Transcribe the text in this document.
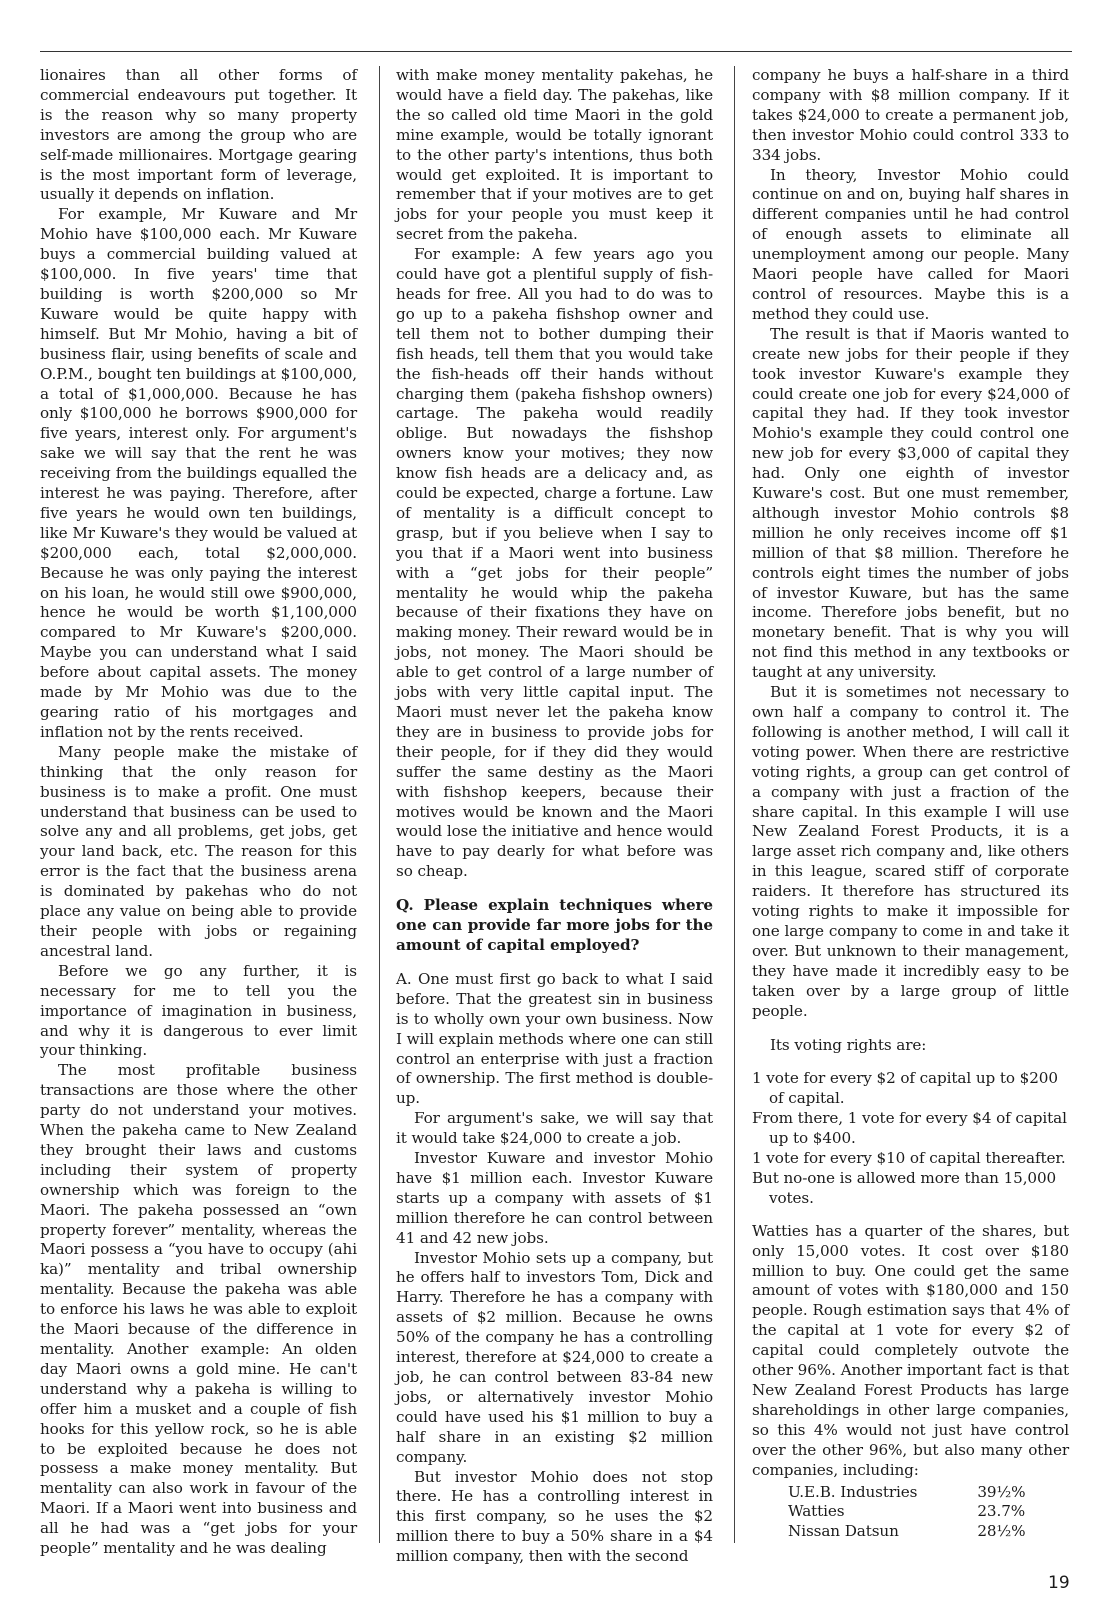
lionaires than all other forms of commercial endeavours put together. It is the reason why so many property investors are among the group who are self-made millionaires. Mortgage gearing is the most important form of leverage, usually it depends on inflation.

For example, Mr Kuware and Mr Mohio have $100,000 each. Mr Kuware buys a commercial building valued at $100,000. In five years' time that building is worth $200,000 so Mr Kuware would be quite happy with himself. But Mr Mohio, having a bit of business flair, using benefits of scale and O.P.M., bought ten buildings at $100,000, a total of $1,000,000. Because he has only $100,000 he borrows $900,000 for five years, interest only. For argument's sake we will say that the rent he was receiving from the buildings equalled the interest he was paying. Therefore, after five years he would own ten buildings, like Mr Kuware's they would be valued at $200,000 each, total $2,000,000. Because he was only paying the interest on his loan, he would still owe $900,000, hence he would be worth $1,100,000 compared to Mr Kuware's $200,000. Maybe you can understand what I said before about capital assets. The money made by Mr Mohio was due to the gearing ratio of his mortgages and inflation not by the rents received.

Many people make the mistake of thinking that the only reason for business is to make a profit. One must understand that business can be used to solve any and all problems, get jobs, get your land back, etc. The reason for this error is the fact that the business arena is dominated by pakehas who do not place any value on being able to provide their people with jobs or regaining ancestral land.

Before we go any further, it is necessary for me to tell you the importance of imagination in business, and why it is dangerous to ever limit your thinking.

The most profitable business transactions are those where the other party do not understand your motives. When the pakeha came to New Zealand they brought their laws and customs including their system of property ownership which was foreign to the Maori. The pakeha possessed an “own property forever” mentality, whereas the Maori possess a “you have to occupy (ahi ka)” mentality and tribal ownership mentality. Because the pakeha was able to enforce his laws he was able to exploit the Maori because of the difference in mentality. Another example: An olden day Maori owns a gold mine. He can't understand why a pakeha is willing to offer him a musket and a couple of fish hooks for this yellow rock, so he is able to be exploited because he does not possess a make money mentality. But mentality can also work in favour of the Maori. If a Maori went into business and all he had was a “get jobs for your people” mentality and he was dealing

with make money mentality pakehas, he would have a field day. The pakehas, like the so called old time Maori in the gold mine example, would be totally ignorant to the other party's intentions, thus both would get exploited. It is important to remember that if your motives are to get jobs for your people you must keep it secret from the pakeha.

For example: A few years ago you could have got a plentiful supply of fish-heads for free. All you had to do was to go up to a pakeha fishshop owner and tell them not to bother dumping their fish heads, tell them that you would take the fish-heads off their hands without charging them (pakeha fishshop owners) cartage. The pakeha would readily oblige. But nowadays the fishshop owners know your motives; they now know fish heads are a delicacy and, as could be expected, charge a fortune. Law of mentality is a difficult concept to grasp, but if you believe when I say to you that if a Maori went into business with a “get jobs for their people” mentality he would whip the pakeha because of their fixations they have on making money. Their reward would be in jobs, not money. The Maori should be able to get control of a large number of jobs with very little capital input. The Maori must never let the pakeha know they are in business to provide jobs for their people, for if they did they would suffer the same destiny as the Maori with fishshop keepers, because their motives would be known and the Maori would lose the initiative and hence would have to pay dearly for what before was so cheap.

Q. Please explain techniques where one can provide far more jobs for the amount of capital employed?

A. One must first go back to what I said before. That the greatest sin in business is to wholly own your own business. Now I will explain methods where one can still control an enterprise with just a fraction of ownership. The first method is double-up.

For argument's sake, we will say that it would take $24,000 to create a job.

Investor Kuware and investor Mohio have $1 million each. Investor Kuware starts up a company with assets of $1 million therefore he can control between 41 and 42 new jobs.

Investor Mohio sets up a company, but he offers half to investors Tom, Dick and Harry. Therefore he has a company with assets of $2 million. Because he owns 50% of the company he has a controlling interest, therefore at $24,000 to create a job, he can control between 83-84 new jobs, or alternatively investor Mohio could have used his $1 million to buy a half share in an existing $2 million company.

But investor Mohio does not stop there. He has a controlling interest in this first company, so he uses the $2 million there to buy a 50% share in a $4 million company, then with the second

company he buys a half-share in a third company with $8 million company. If it takes $24,000 to create a permanent job, then investor Mohio could control 333 to 334 jobs.

In theory, Investor Mohio could continue on and on, buying half shares in different companies until he had control of enough assets to eliminate all unemployment among our people. Many Maori people have called for Maori control of resources. Maybe this is a method they could use.

The result is that if Maoris wanted to create new jobs for their people if they took investor Kuware's example they could create one job for every $24,000 of capital they had. If they took investor Mohio's example they could control one new job for every $3,000 of capital they had. Only one eighth of investor Kuware's cost. But one must remember, although investor Mohio controls $8 million he only receives income off $1 million of that $8 million. Therefore he controls eight times the number of jobs of investor Kuware, but has the same income. Therefore jobs benefit, but no monetary benefit. That is why you will not find this method in any textbooks or taught at any university.

But it is sometimes not necessary to own half a company to control it. The following is another method, I will call it voting power. When there are restrictive voting rights, a group can get control of a company with just a fraction of the share capital. In this example I will use New Zealand Forest Products, it is a large asset rich company and, like others in this league, scared stiff of corporate raiders. It therefore has structured its voting rights to make it impossible for one large company to come in and take it over. But unknown to their management, they have made it incredibly easy to be taken over by a large group of little people.

Its voting rights are:

1 vote for every $2 of capital up to $200 of capital.
From there, 1 vote for every $4 of capital up to $400.
1 vote for every $10 of capital thereafter.
But no-one is allowed more than 15,000 votes.

Watties has a quarter of the shares, but only 15,000 votes. It cost over $180 million to buy. One could get the same amount of votes with $180,000 and 150 people. Rough estimation says that 4% of the capital at 1 vote for every $2 of capital could completely outvote the other 96%. Another important fact is that New Zealand Forest Products has large shareholdings in other large companies, so this 4% would not just have control over the other 96%, but also many other companies, including:

U.E.B. Industries	39½%
Watties	23.7%
Nissan Datsun	28½%
19
